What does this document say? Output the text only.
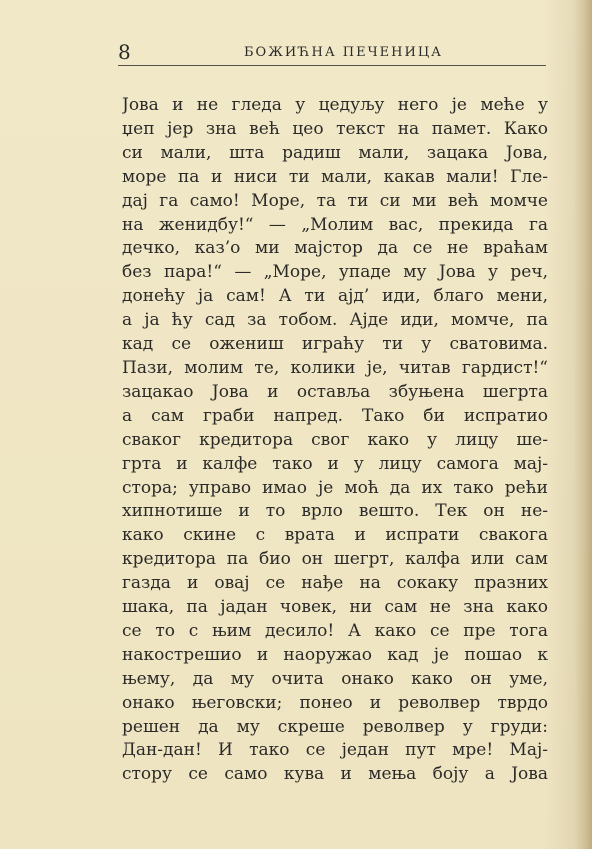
8	БОЖИЋНА ПЕЧЕНИЦА
Јова и не гледа у цедуљу него је меће у
џеп јер зна већ цео текст на памет. Како
си мали, шта радиш мали, зацака Јова,
море па и ниси ти мали, какав мали! Гле-
дај га само! Море, та ти си ми већ момче
на женидбу!“ — „Молим вас, прекида га
дечко, каз’о ми мајстор да се не враћам
без пара!“ — „Море, упаде му Јова у реч,
донећу ја сам! А ти ајд’ иди, благо мени,
а ја ћу сад за тобом. Ајде иди, момче, па
кад се ожениш играћу ти у сватовима.
Пази, молим те, колики је, читав гардист!“
зацакао Јова и оставља збуњена шегрта
а сам граби напред. Тако би испратио
сваког кредитора свог како у лицу ше-
грта и калфе тако и у лицу самога мај-
стора; управо имао је моћ да их тако рећи
хипнотише и то врло вешто. Тек он не-
како скине с врата и испрати свакога
кредитора па био он шегрт, калфа или сам
газда и овај се нађе на сокаку празних
шака, па јадан човек, ни сам не зна како
се то с њим десило! А како се пре тога
накострешио и наоружао кад је пошао к
њему, да му очита онако како он уме,
онако његовски; понео и револвер тврдо
решен да му скреше револвер у груди:
Дан-дан! И тако се један пут мре! Мај-
стору се само кува и мења боју а Јова
